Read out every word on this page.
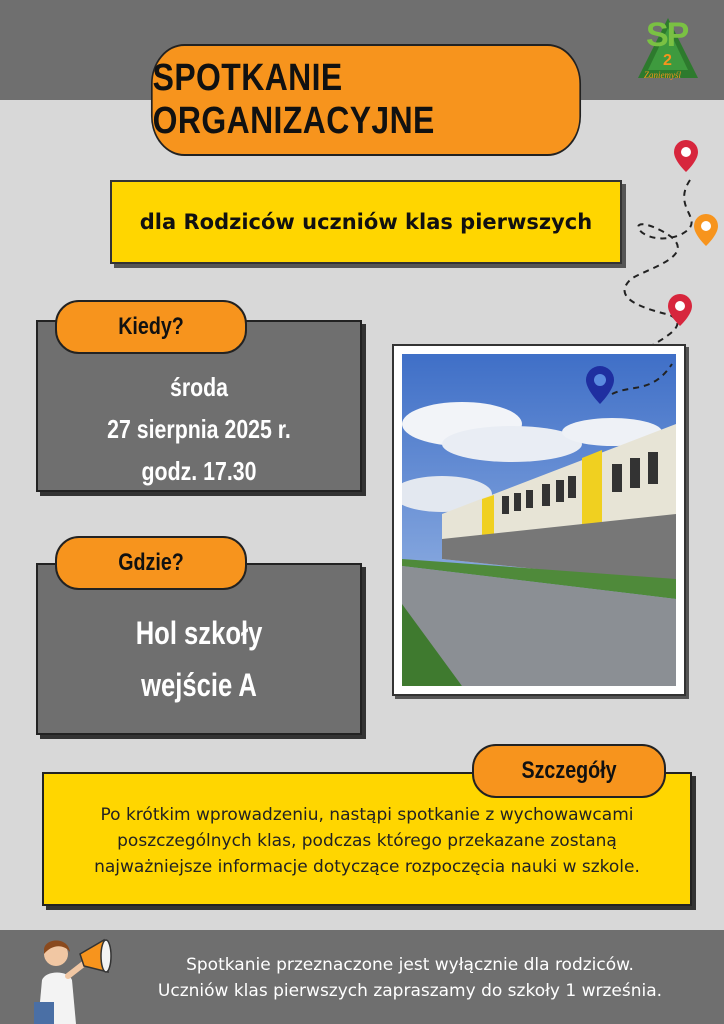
SP
2
Zaniemyśl
SPOTKANIE ORGANIZACYJNE
dla Rodziców uczniów klas pierwszych
środa
27 sierpnia 2025 r.
godz. 17.30
Kiedy?
Hol szkoły
wejście A
Gdzie?
Po krótkim wprowadzeniu, nastąpi spotkanie z wychowawcami
poszczególnych klas, podczas którego przekazane zostaną
najważniejsze informacje dotyczące rozpoczęcia nauki w szkole.
Szczegóły
Spotkanie przeznaczone jest wyłącznie dla rodziców.
Uczniów klas pierwszych zapraszamy do szkoły 1 września.
